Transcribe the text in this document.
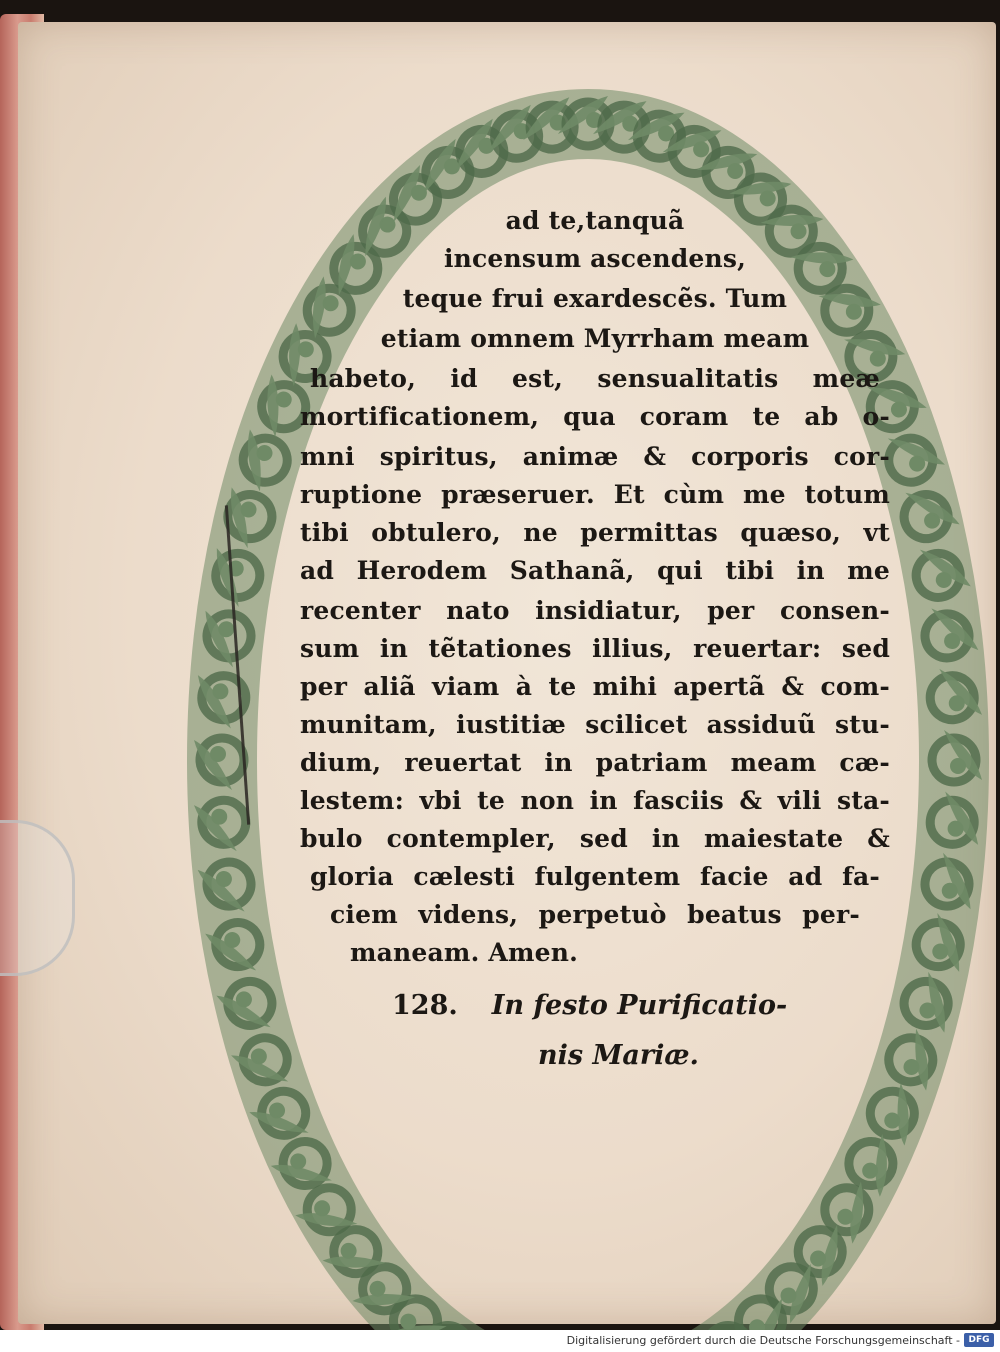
ad te,tanquã
incensum ascendens,
teque frui exardescẽs. Tum
etiam omnem Myrrham meam
habeto, id est, sensualitatis meæ
mortificationem, qua coram te ab o-
mni spiritus, animæ & corporis cor-
ruptione præseruer. Et cùm me totum
tibi obtulero, ne permittas quæso, vt
ad Herodem Sathanã, qui tibi in me
recenter nato insidiatur, per consen-
sum in tẽtationes illius, reuertar: sed
per aliã viam à te mihi apertã & com-
munitam, iustitiæ scilicet assiduũ stu-
dium, reuertat in patriam meam cæ-
lestem: vbi te non in fasciis & vili sta-
bulo contempler, sed in maiestate &
gloria cælesti fulgentem facie ad fa-
ciem videns, perpetuò beatus per-
maneam. Amen.
128. In festo Purificatio-
nis Mariæ.
Digitalisierung gefördert durch die Deutsche Forschungsgemeinschaft - DFG
